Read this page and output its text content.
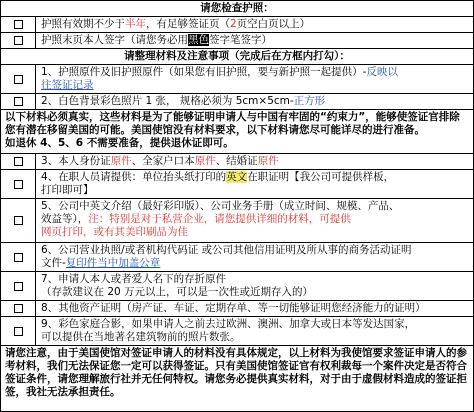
请您检查护照：
护照有效期不少于半年，有足够签证页（2页空白页以上）
护照末页本人签字（请您务必用黑色签字笔签字）
请整理材料及注意事项（完成后在方框内打勾）：
1、护照原件及旧护照原件（如果您有旧护照，要与新护照一起提供）-反映以
往签证记录
2、白色背景彩色照片 1 张， 规格必须为 5cm×5cm-正方形
以下材料必须真实，这些材料是为了能够证明申请人与中国有牢固的“约束力”，能够使签证官排除您有潜在移留美国的可能。美国使馆没有材料要求，以下材料请您尽可能详尽的进行准备。
如退休 4、5、6 不需要准备，提供退休证即可。
3、本人身份证原件、全家户口本原件、结婚证原件
4、在职人员请提供：单位抬头纸打印的英文在职证明【我公司可提供样板，
打印即可】
5、公司中英文介绍（最好彩印版）、公司业务手册（成立时间、规模、产品、
效益等），注：特别是对于私营企业，请您提供详细的材料，可提供
网页打印，或有其美印刷品为佳
6、公司营业执照/或者机构代码证 或公司其他信用证明及所从事的商务活动证明
文件-复印件当中加盖公章
7、申请人本人或者爱人名下的存折原件
（存款建议在 20 万元以上，可以是一次性或近期存入的）
8、其他资产证明（房产证、车证、定期存单、等一切能够证明您经济能力的证明）
9、彩色家庭合影，如果申请人之前去过欧洲、澳洲、加拿大或日本等发达国家，
可以提供在当地著名建筑物前的照片数张。
请您注意，由于美国使馆对签证申请人的材料没有具体规定，以上材料为我使馆要求签证申请人的参考材料，我们无法保证您一定可以获得签证。只有美国使馆签证官有权利裁每一个案件决定是否符合签证条件，请您理解旅行社并无任何特权。请您务必提供真实材料，对于由于虚假材料造成的签证拒签，我社无法承担责任。
